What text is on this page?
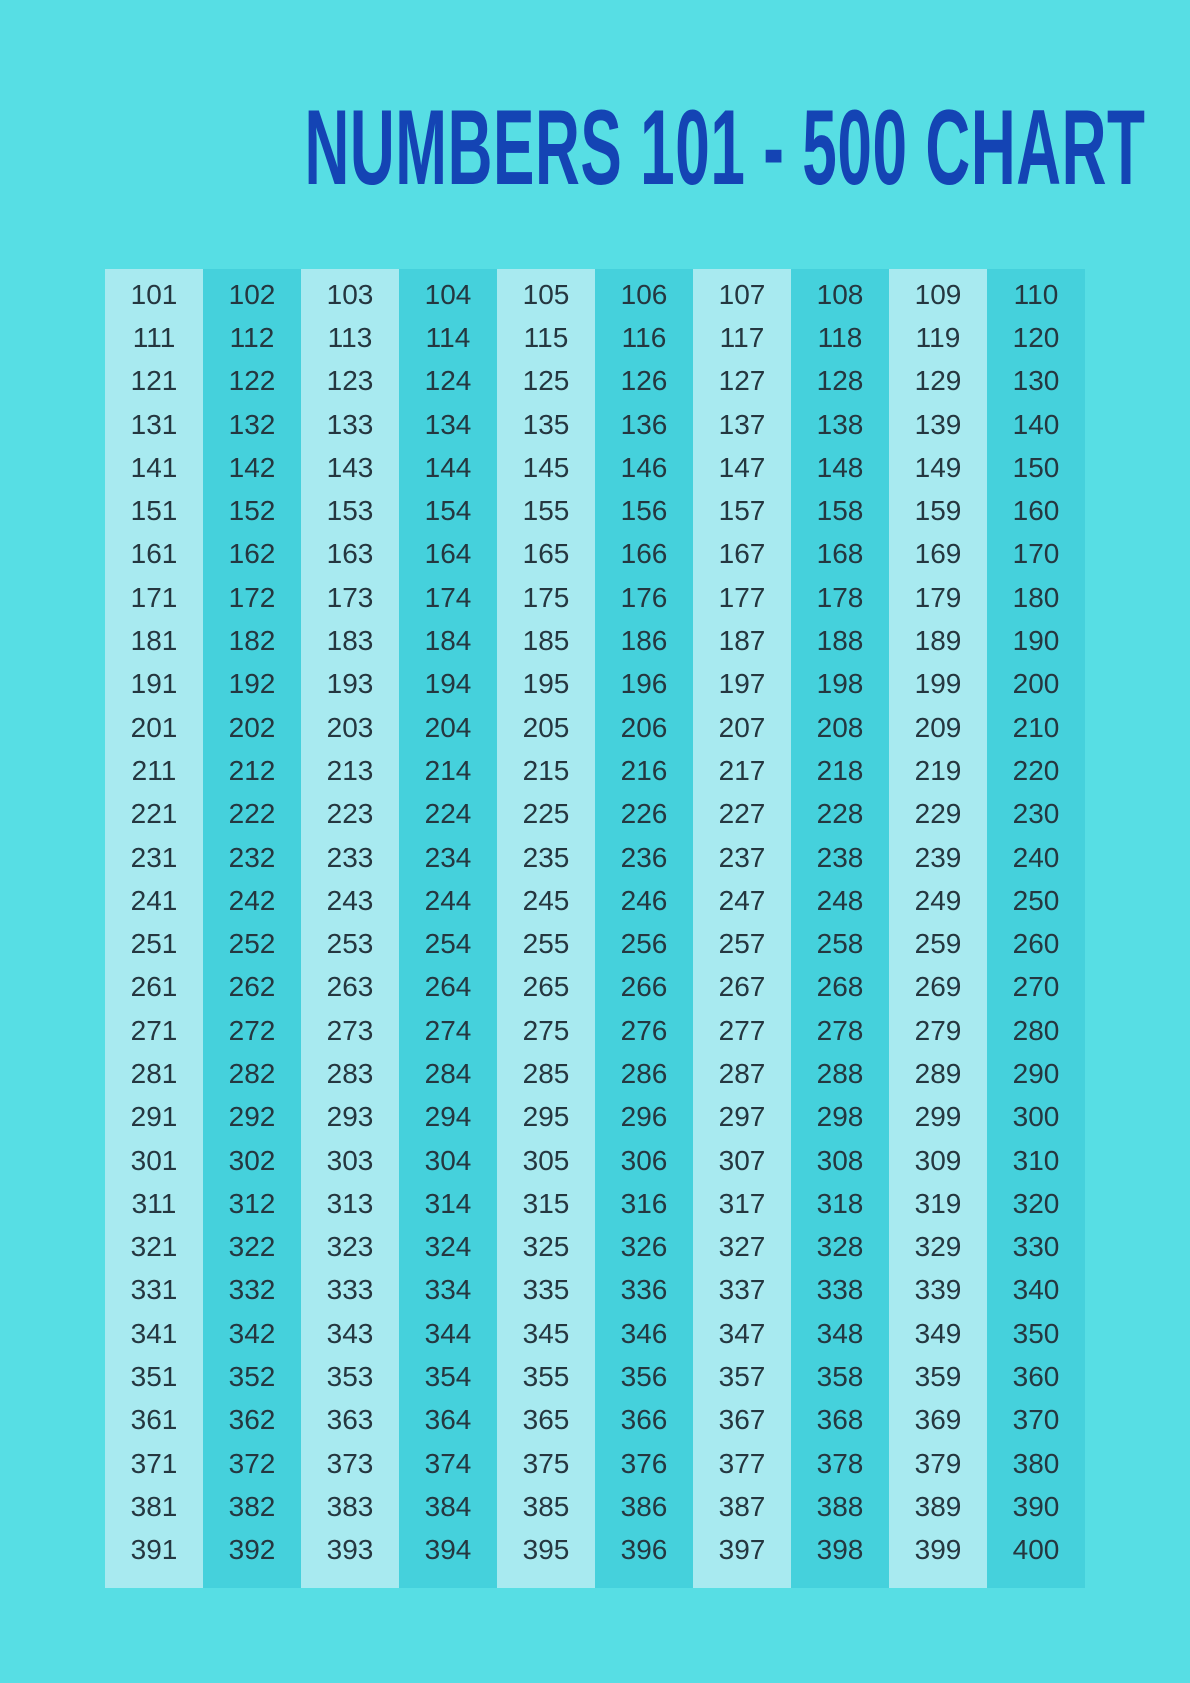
NUMBERS 101 - 500 CHART
101 102 103 104 105 106 107 108 109 110
111 112 113 114 115 116 117 118 119 120
121 122 123 124 125 126 127 128 129 130
131 132 133 134 135 136 137 138 139 140
141 142 143 144 145 146 147 148 149 150
151 152 153 154 155 156 157 158 159 160
161 162 163 164 165 166 167 168 169 170
171 172 173 174 175 176 177 178 179 180
181 182 183 184 185 186 187 188 189 190
191 192 193 194 195 196 197 198 199 200
201 202 203 204 205 206 207 208 209 210
211 212 213 214 215 216 217 218 219 220
221 222 223 224 225 226 227 228 229 230
231 232 233 234 235 236 237 238 239 240
241 242 243 244 245 246 247 248 249 250
251 252 253 254 255 256 257 258 259 260
261 262 263 264 265 266 267 268 269 270
271 272 273 274 275 276 277 278 279 280
281 282 283 284 285 286 287 288 289 290
291 292 293 294 295 296 297 298 299 300
301 302 303 304 305 306 307 308 309 310
311 312 313 314 315 316 317 318 319 320
321 322 323 324 325 326 327 328 329 330
331 332 333 334 335 336 337 338 339 340
341 342 343 344 345 346 347 348 349 350
351 352 353 354 355 356 357 358 359 360
361 362 363 364 365 366 367 368 369 370
371 372 373 374 375 376 377 378 379 380
381 382 383 384 385 386 387 388 389 390
391 392 393 394 395 396 397 398 399 400
